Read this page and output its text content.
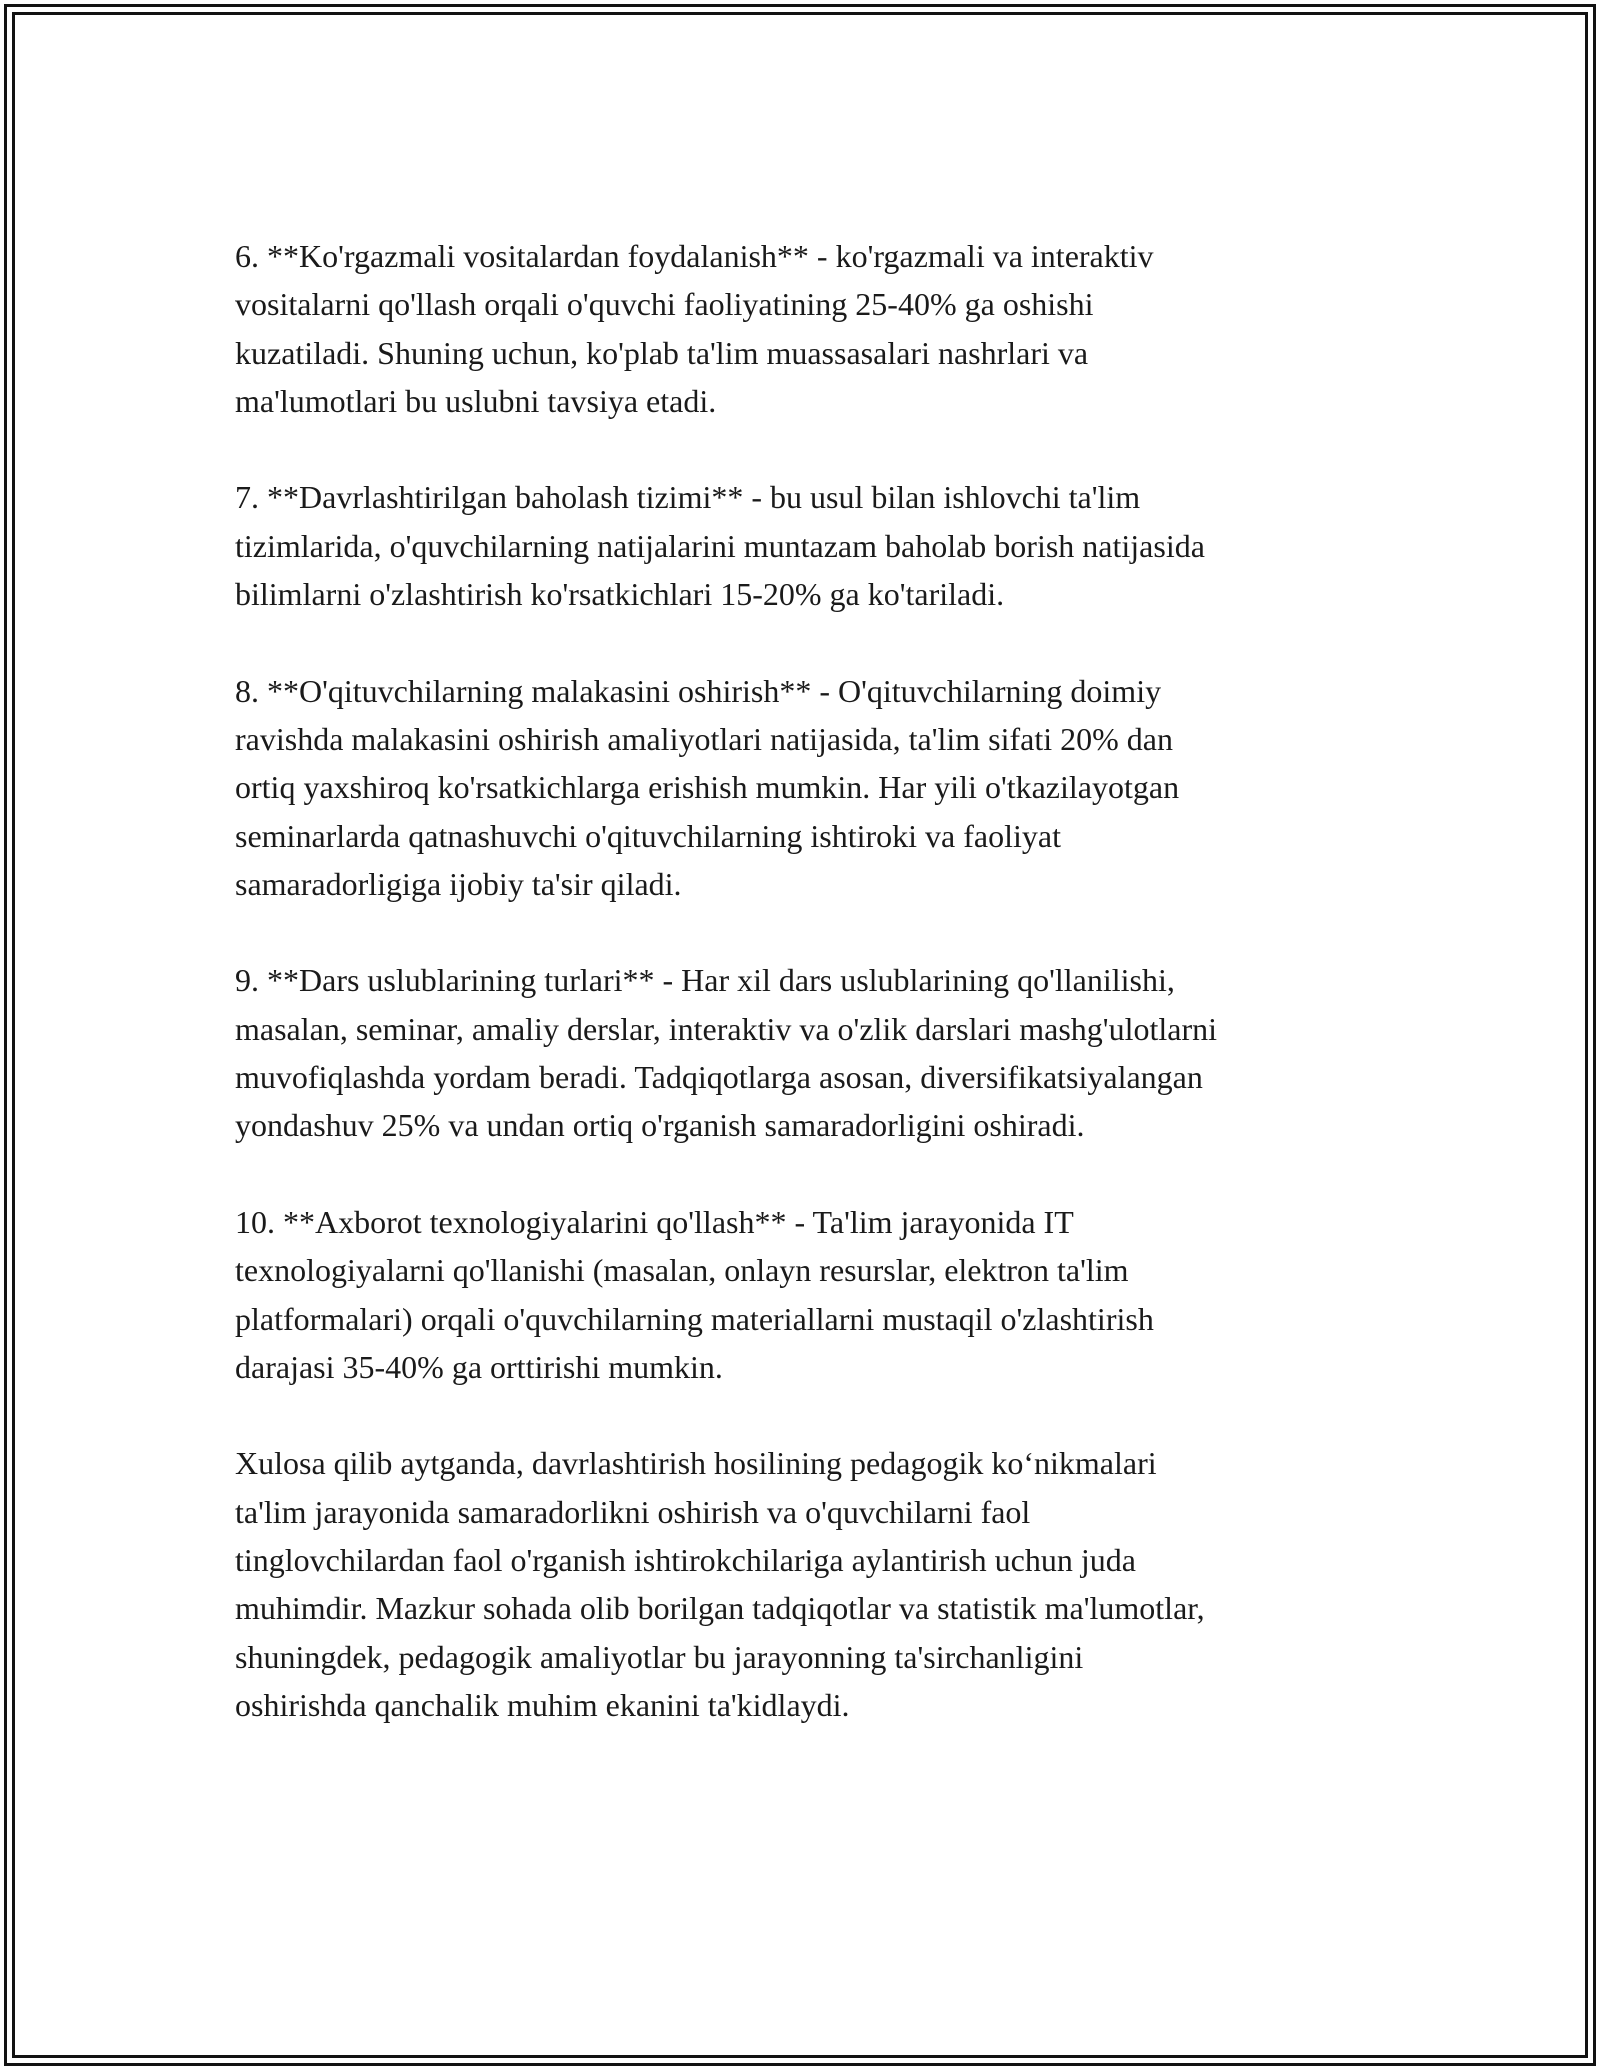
6. **Ko'rgazmali vositalardan foydalanish** - ko'rgazmali va interaktiv
vositalarni qo'llash orqali o'quvchi faoliyatining 25-40% ga oshishi
kuzatiladi. Shuning uchun, ko'plab ta'lim muassasalari nashrlari va
ma'lumotlari bu uslubni tavsiya etadi.

7. **Davrlashtirilgan baholash tizimi** - bu usul bilan ishlovchi ta'lim
tizimlarida, o'quvchilarning natijalarini muntazam baholab borish natijasida
bilimlarni o'zlashtirish ko'rsatkichlari 15-20% ga ko'tariladi.

8. **O'qituvchilarning malakasini oshirish** - O'qituvchilarning doimiy
ravishda malakasini oshirish amaliyotlari natijasida, ta'lim sifati 20% dan
ortiq yaxshiroq ko'rsatkichlarga erishish mumkin. Har yili o'tkazilayotgan
seminarlarda qatnashuvchi o'qituvchilarning ishtiroki va faoliyat
samaradorligiga ijobiy ta'sir qiladi.

9. **Dars uslublarining turlari** - Har xil dars uslublarining qo'llanilishi,
masalan, seminar, amaliy derslar, interaktiv va o'zlik darslari mashg'ulotlarni
muvofiqlashda yordam beradi. Tadqiqotlarga asosan, diversifikatsiyalangan
yondashuv 25% va undan ortiq o'rganish samaradorligini oshiradi.

10. **Axborot texnologiyalarini qo'llash** - Ta'lim jarayonida IT
texnologiyalarni qo'llanishi (masalan, onlayn resurslar, elektron ta'lim
platformalari) orqali o'quvchilarning materiallarni mustaqil o'zlashtirish
darajasi 35-40% ga orttirishi mumkin.

Xulosa qilib aytganda, davrlashtirish hosilining pedagogik ko‘nikmalari
ta'lim jarayonida samaradorlikni oshirish va o'quvchilarni faol
tinglovchilardan faol o'rganish ishtirokchilariga aylantirish uchun juda
muhimdir. Mazkur sohada olib borilgan tadqiqotlar va statistik ma'lumotlar,
shuningdek, pedagogik amaliyotlar bu jarayonning ta'sirchanligini
oshirishda qanchalik muhim ekanini ta'kidlaydi.
